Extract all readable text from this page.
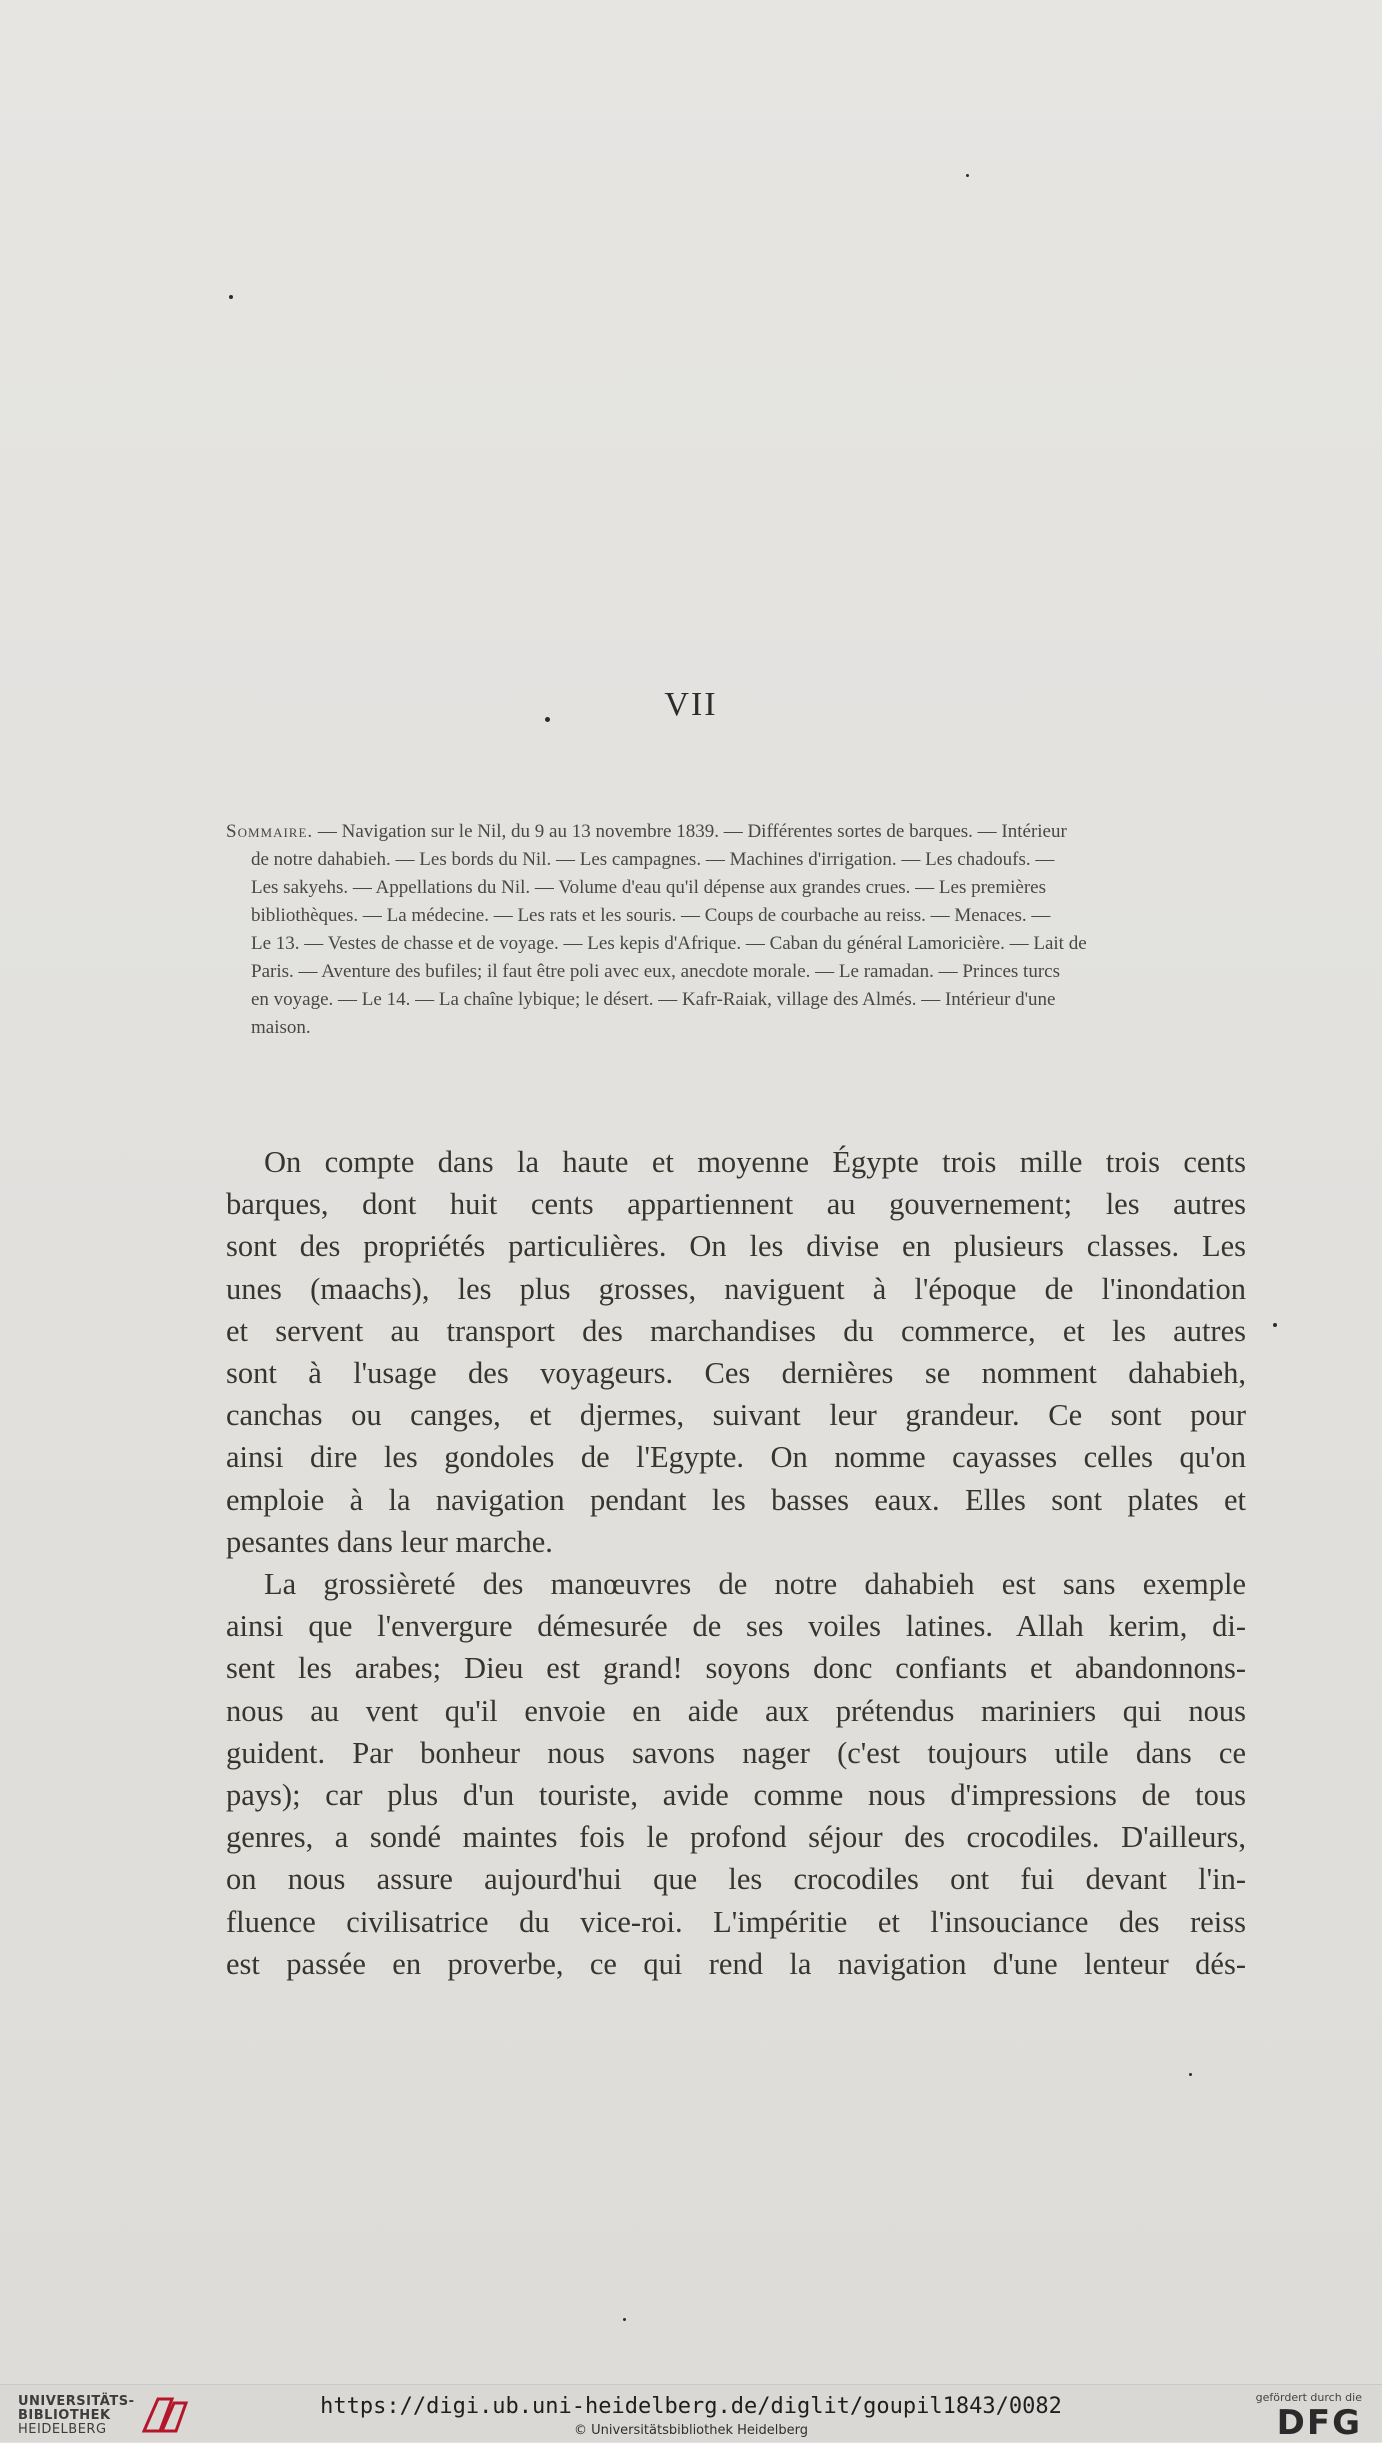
VII
Sommaire. — Navigation sur le Nil, du 9 au 13 novembre 1839. — Différentes sortes de barques. — Intérieur
de notre dahabieh. — Les bords du Nil. — Les campagnes. — Machines d'irrigation. — Les chadoufs. —
Les sakyehs. — Appellations du Nil. — Volume d'eau qu'il dépense aux grandes crues. — Les premières
bibliothèques. — La médecine. — Les rats et les souris. — Coups de courbache au reiss. — Menaces. —
Le 13. — Vestes de chasse et de voyage. — Les kepis d'Afrique. — Caban du général Lamoricière. — Lait de
Paris. — Aventure des bufiles; il faut être poli avec eux, anecdote morale. — Le ramadan. — Princes turcs
en voyage. — Le 14. — La chaîne lybique; le désert. — Kafr-Raiak, village des Almés. — Intérieur d'une
maison.
On compte dans la haute et moyenne Égypte trois mille trois cents
barques, dont huit cents appartiennent au gouvernement; les autres
sont des propriétés particulières. On les divise en plusieurs classes. Les
unes (maachs), les plus grosses, naviguent à l'époque de l'inondation
et servent au transport des marchandises du commerce, et les autres
sont à l'usage des voyageurs. Ces dernières se nomment dahabieh,
canchas ou canges, et djermes, suivant leur grandeur. Ce sont pour
ainsi dire les gondoles de l'Egypte. On nomme cayasses celles qu'on
emploie à la navigation pendant les basses eaux. Elles sont plates et
pesantes dans leur marche.
La grossièreté des manœuvres de notre dahabieh est sans exemple
ainsi que l'envergure démesurée de ses voiles latines. Allah kerim, di-
sent les arabes; Dieu est grand! soyons donc confiants et abandonnons-
nous au vent qu'il envoie en aide aux prétendus mariniers qui nous
guident. Par bonheur nous savons nager (c'est toujours utile dans ce
pays); car plus d'un touriste, avide comme nous d'impressions de tous
genres, a sondé maintes fois le profond séjour des crocodiles. D'ailleurs,
on nous assure aujourd'hui que les crocodiles ont fui devant l'in-
fluence civilisatrice du vice-roi. L'impéritie et l'insouciance des reiss
est passée en proverbe, ce qui rend la navigation d'une lenteur dés-
UNIVERSITÄTS-
BIBLIOTHEK
HEIDELBERG
https://digi.ub.uni-heidelberg.de/diglit/goupil1843/0082
© Universitätsbibliothek Heidelberg
gefördert durch die
DFG
